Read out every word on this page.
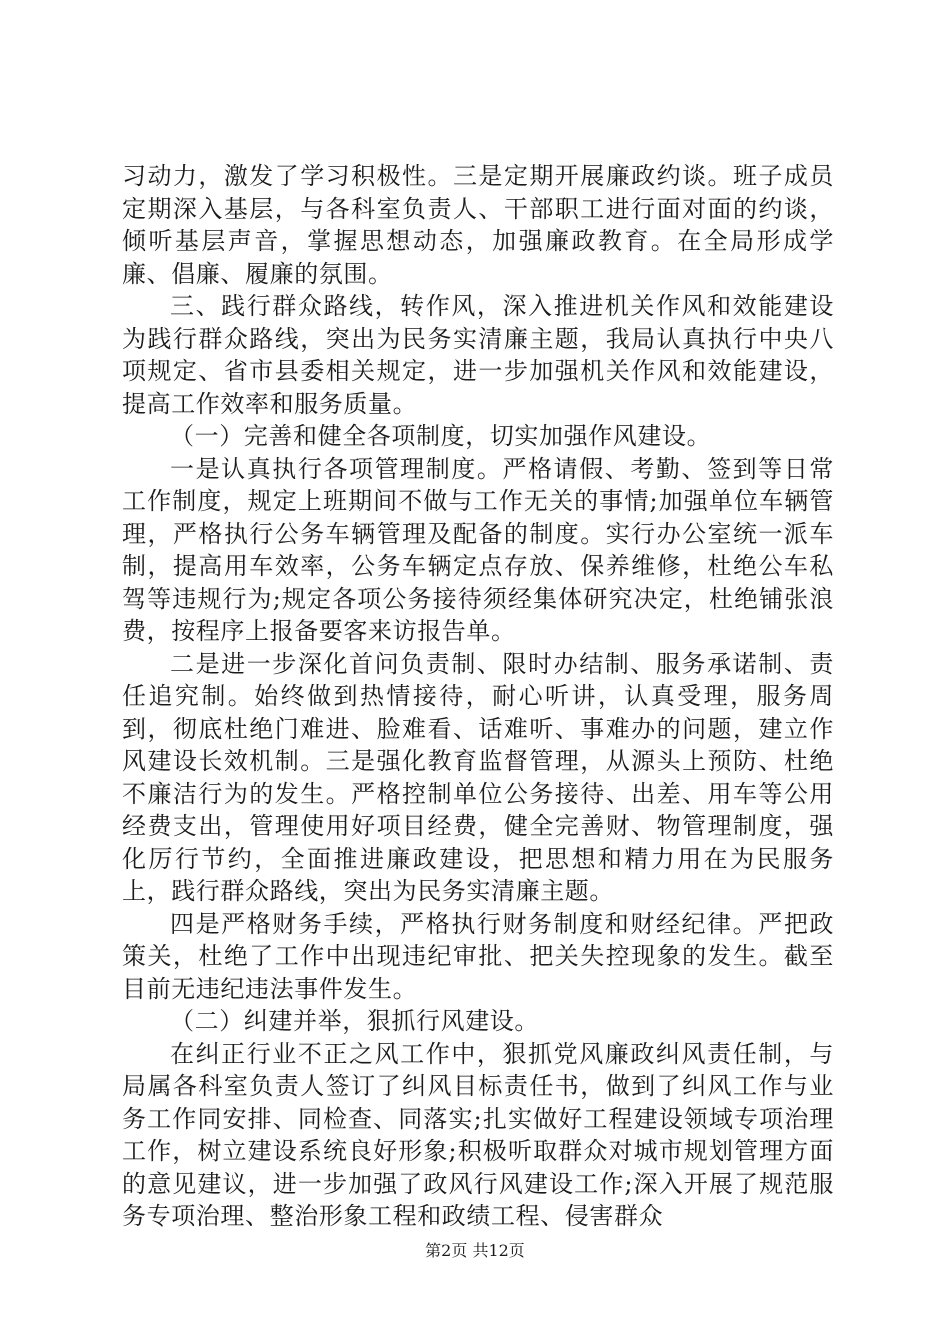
习动力，激发了学习积极性。三是定期开展廉政约谈。班子成员定期深入基层，与各科室负责人、干部职工进行面对面的约谈，倾听基层声音，掌握思想动态，加强廉政教育。在全局形成学廉、倡廉、履廉的氛围。

三、践行群众路线，转作风，深入推进机关作风和效能建设为践行群众路线，突出为民务实清廉主题，我局认真执行中央八项规定、省市县委相关规定，进一步加强机关作风和效能建设，提高工作效率和服务质量。

（一）完善和健全各项制度，切实加强作风建设。

一是认真执行各项管理制度。严格请假、考勤、签到等日常工作制度，规定上班期间不做与工作无关的事情;加强单位车辆管理，严格执行公务车辆管理及配备的制度。实行办公室统一派车制，提高用车效率，公务车辆定点存放、保养维修，杜绝公车私驾等违规行为;规定各项公务接待须经集体研究决定，杜绝铺张浪费，按程序上报备要客来访报告单。

二是进一步深化首问负责制、限时办结制、服务承诺制、责任追究制。始终做到热情接待，耐心听讲，认真受理，服务周到，彻底杜绝门难进、脸难看、话难听、事难办的问题，建立作风建设长效机制。三是强化教育监督管理，从源头上预防、杜绝不廉洁行为的发生。严格控制单位公务接待、出差、用车等公用经费支出，管理使用好项目经费，健全完善财、物管理制度，强化厉行节约，全面推进廉政建设，把思想和精力用在为民服务上，践行群众路线，突出为民务实清廉主题。

四是严格财务手续，严格执行财务制度和财经纪律。严把政策关，杜绝了工作中出现违纪审批、把关失控现象的发生。截至目前无违纪违法事件发生。

（二）纠建并举，狠抓行风建设。

在纠正行业不正之风工作中，狠抓党风廉政纠风责任制，与局属各科室负责人签订了纠风目标责任书，做到了纠风工作与业务工作同安排、同检查、同落实;扎实做好工程建设领域专项治理工作，树立建设系统良好形象;积极听取群众对城市规划管理方面的意见建议，进一步加强了政风行风建设工作;深入开展了规范服务专项治理、整治形象工程和政绩工程、侵害群众

第2页 共12页
